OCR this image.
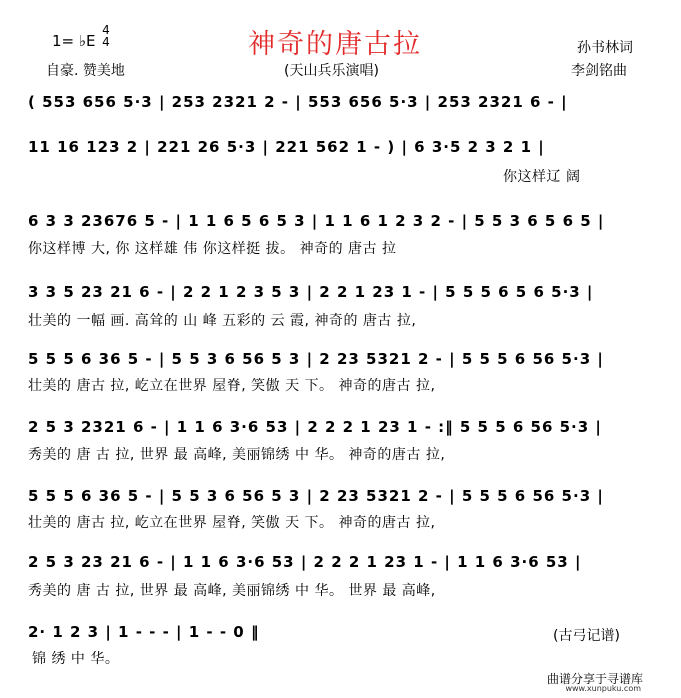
神奇的唐古拉
1= ♭E
4
4
自豪. 赞美地	(天山兵乐演唱)
孙书林词
李剑铭曲
( 553 656 5·3 | 253 2321 2 - | 553 656 5·3 | 253 2321 6 - |
11 16 123 2 | 221 26 5·3 | 221 562 1 - ) | 6 3·5 2 3 2 1 |
你这样辽 阔
6 3 3 23676 5 - | 1 1 6 5 6 5 3 | 1 1 6 1 2 3 2 - | 5 5 3 6 5 6 5 |
你这样博 大, 你 这样雄 伟 你这样挺 拔。 神奇的 唐古 拉
3 3 5 23 21 6 - | 2 2 1 2 3 5 3 | 2 2 1 23 1 - | 5 5 5 6 5 6 5·3 |
壮美的 一幅 画. 高耸的 山 峰 五彩的 云 霞, 神奇的 唐古 拉,
5 5 5 6 36 5 - | 5 5 3 6 56 5 3 | 2 23 5321 2 - | 5 5 5 6 56 5·3 |
壮美的 唐古 拉, 屹立在世界 屋脊, 笑傲 天 下。 神奇的唐古 拉,
2 5 3 2321 6 - | 1 1 6 3·6 53 | 2 2 2 1 23 1 - :‖ 5 5 5 6 56 5·3 |
秀美的 唐 古 拉, 世界 最 高峰, 美丽锦绣 中 华。 神奇的唐古 拉,
5 5 5 6 36 5 - | 5 5 3 6 56 5 3 | 2 23 5321 2 - | 5 5 5 6 56 5·3 |
壮美的 唐古 拉, 屹立在世界 屋脊, 笑傲 天 下。 神奇的唐古 拉,
2 5 3 23 21 6 - | 1 1 6 3·6 53 | 2 2 2 1 23 1 - | 1 1 6 3·6 53 |
秀美的 唐 古 拉, 世界 最 高峰, 美丽锦绣 中 华。 世界 最 高峰,
2· 1 2 3 | 1 - - - | 1 - - 0 ‖
锦 绣 中 华。
(古弓记谱)
曲谱分享于寻谱库
www.xunpuku.com
